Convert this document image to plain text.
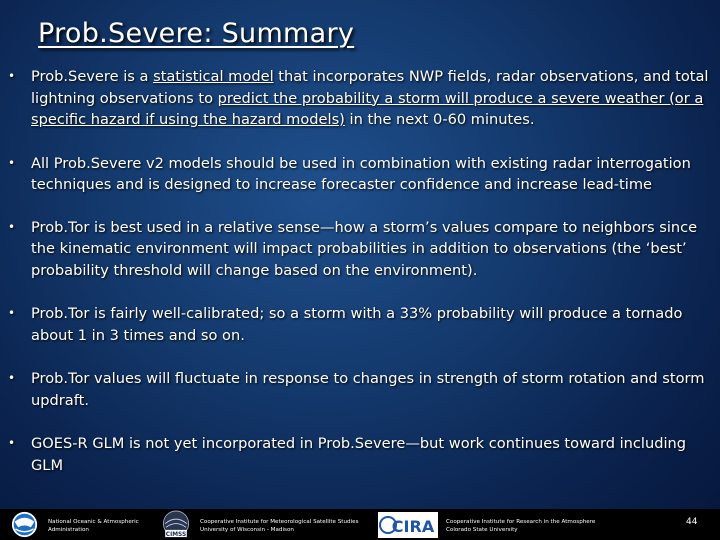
Prob.Severe: Summary
•	Prob.Severe is a statistical model that incorporates NWP fields, radar observations, and total lightning observations to predict the probability a storm will produce a severe weather (or a specific hazard if using the hazard models) in the next 0-60 minutes.
•	All Prob.Severe v2 models should be used in combination with existing radar interrogation techniques and is designed to increase forecaster confidence and increase lead-time
•	Prob.Tor is best used in a relative sense—how a storm’s values compare to neighbors since the kinematic environment will impact probabilities in addition to observations (the ‘best’ probability threshold will change based on the environment).
•	Prob.Tor is fairly well-calibrated; so a storm with a 33% probability will produce a tornado about 1 in 3 times and so on.
•	Prob.Tor values will fluctuate in response to changes in strength of storm rotation and storm updraft.
•	GOES-R GLM is not yet incorporated in Prob.Severe—but work continues toward including GLM
National Oceanic & Atmospheric
Administration
CIMSS
Cooperative Institute for Meteorological Satellite Studies
University of Wisconsin - Madison	CIRA Cooperative Institute for Research in the Atmosphere
Colorado State University
44
